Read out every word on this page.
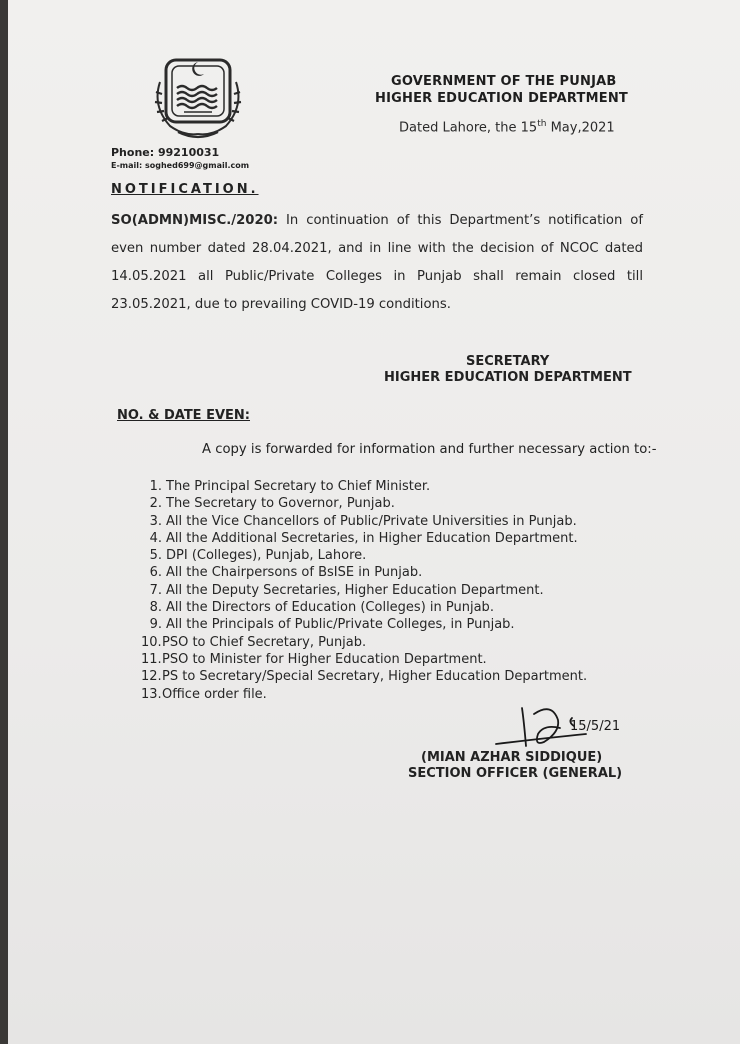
GOVERNMENT OF THE PUNJAB
HIGHER EDUCATION DEPARTMENT
Dated Lahore, the 15th May,2021
Phone: 99210031
E-mail: soghed699@gmail.com
NOTIFICATION.
SO(ADMN)MISC./2020: In continuation of this Department’s notification of even number dated 28.04.2021, and in line with the decision of NCOC dated 14.05.2021 all Public/Private Colleges in Punjab shall remain closed till 23.05.2021, due to prevailing COVID-19 conditions.
SECRETARY
HIGHER EDUCATION DEPARTMENT
NO. & DATE EVEN:
A copy is forwarded for information and further necessary action to:-
1. The Principal Secretary to Chief Minister.
2. The Secretary to Governor, Punjab.
3. All the Vice Chancellors of Public/Private Universities in Punjab.
4. All the Additional Secretaries, in Higher Education Department.
5. DPI (Colleges), Punjab, Lahore.
6. All the Chairpersons of BsISE in Punjab.
7. All the Deputy Secretaries, Higher Education Department.
8. All the Directors of Education (Colleges) in Punjab.
9. All the Principals of Public/Private Colleges, in Punjab.
10.PSO to Chief Secretary, Punjab.
11.PSO to Minister for Higher Education Department.
12.PS to Secretary/Special Secretary, Higher Education Department.
13.Office order file.
15/5/21
(MIAN AZHAR SIDDIQUE)
SECTION OFFICER (GENERAL)
